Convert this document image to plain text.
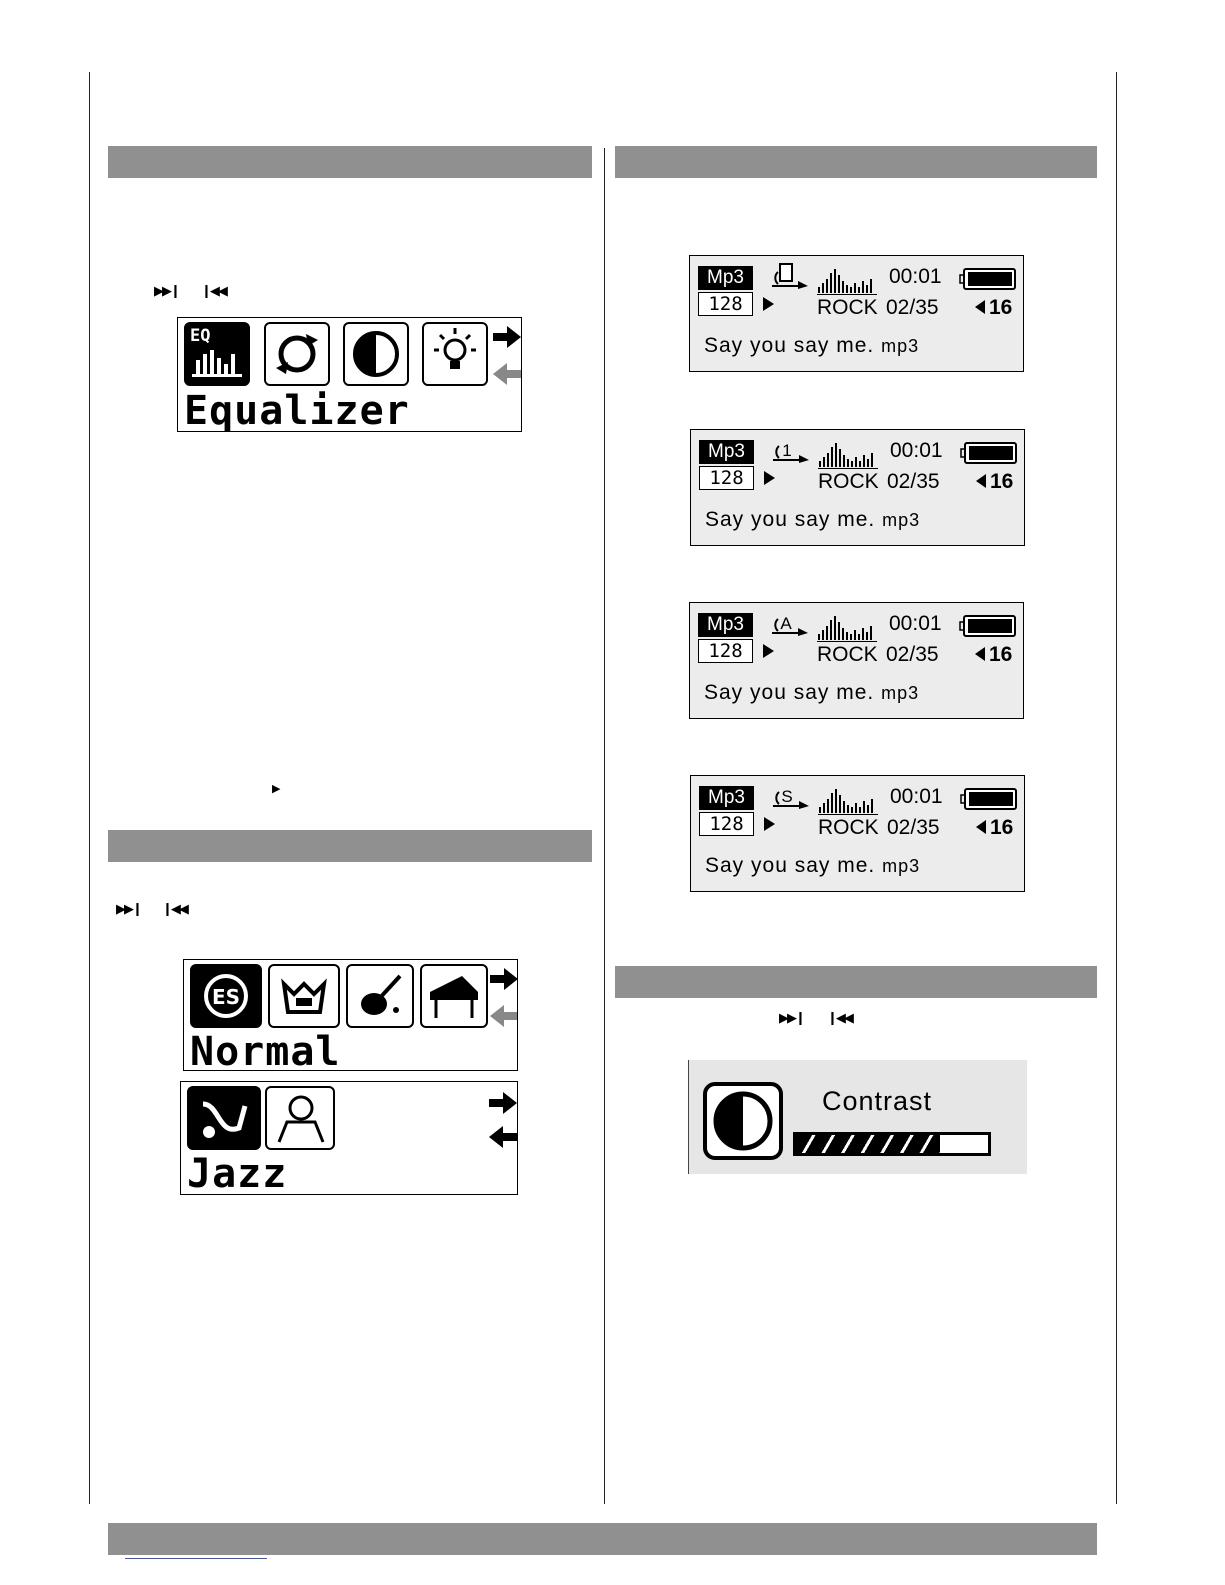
▶▶❙ ❙◀◀
▶
▶▶❙ ❙◀◀
▶▶❙ ❙◀◀
EQ
Equalizer
ES
Normal
Jazz
Mp3
128
00:01
ROCK 02/35 16
Say you say me. mp3
Mp3
128
1	00:01
ROCK 02/35 16
Say you say me. mp3
Mp3
128
A	00:01
ROCK 02/35 16
Say you say me. mp3
Mp3
128
S	00:01
ROCK 02/35 16
Say you say me. mp3
Contrast
